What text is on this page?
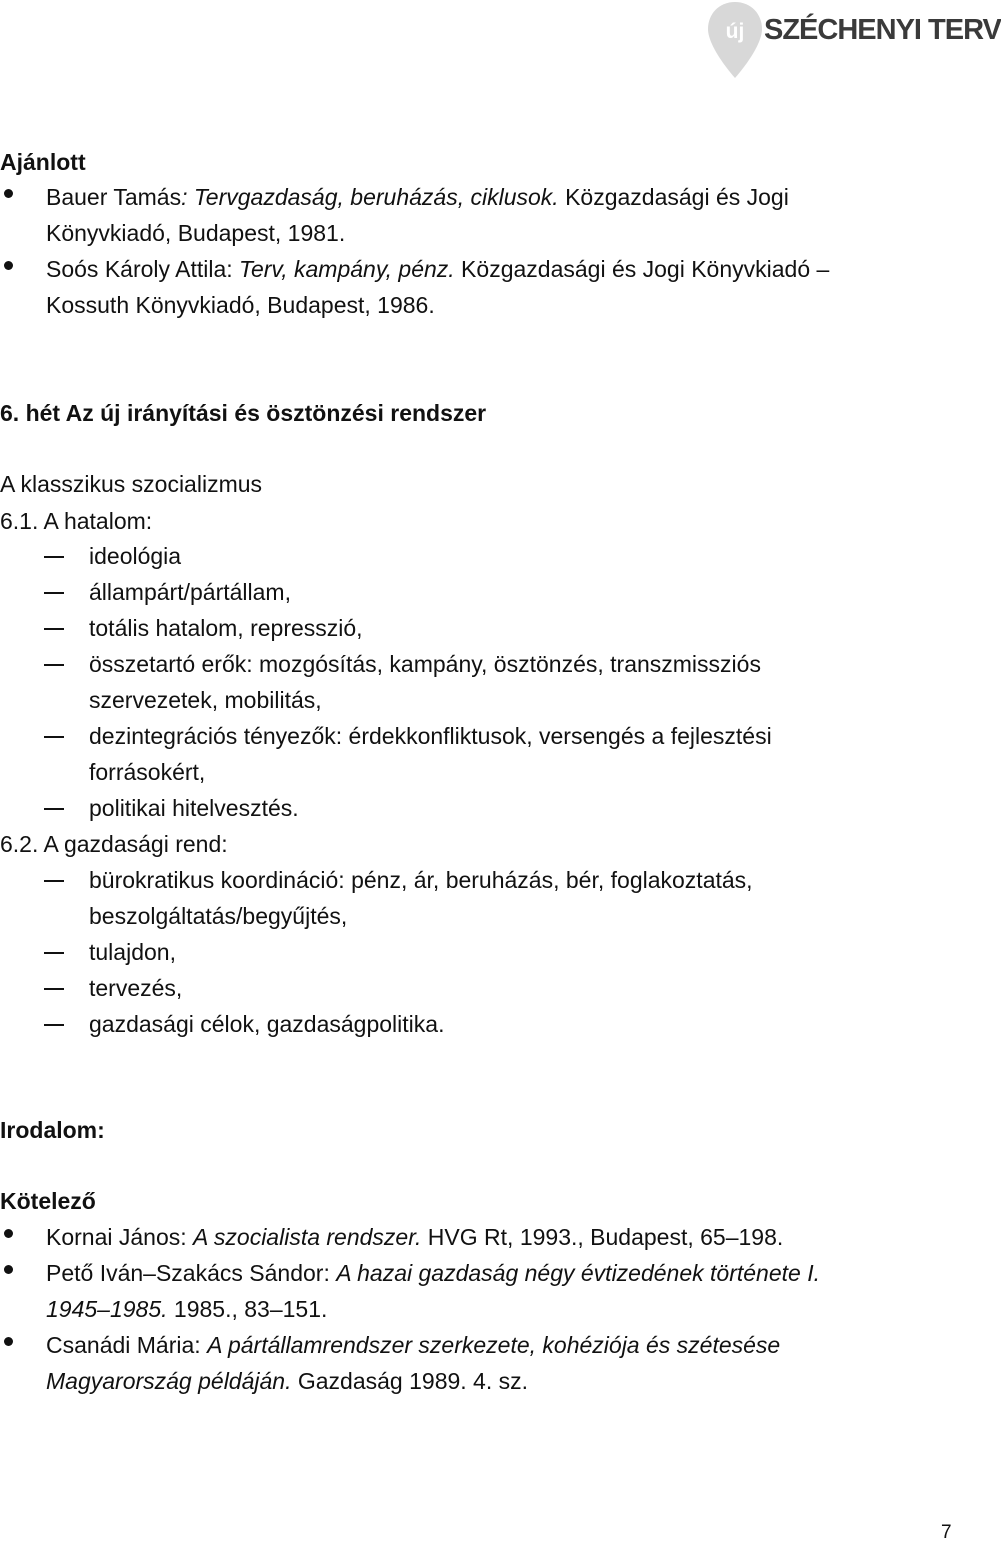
új SZÉCHENYI TERV
Ajánlott
Bauer Tamás: Tervgazdaság, beruházás, ciklusok. Közgazdasági és Jogi
Könyvkiadó, Budapest, 1981.
Soós Károly Attila: Terv, kampány, pénz. Közgazdasági és Jogi Könyvkiadó –
Kossuth Könyvkiadó, Budapest, 1986.
6. hét Az új irányítási és ösztönzési rendszer
A klasszikus szocializmus
6.1. A hatalom:
ideológia
állampárt/pártállam,
totális hatalom, represszió,
összetartó erők: mozgósítás, kampány, ösztönzés, transzmissziós
szervezetek, mobilitás,
dezintegrációs tényezők: érdekkonfliktusok, versengés a fejlesztési
forrásokért,
politikai hitelvesztés.
6.2. A gazdasági rend:
bürokratikus koordináció: pénz, ár, beruházás, bér, foglakoztatás,
beszolgáltatás/begyűjtés,
tulajdon,
tervezés,
gazdasági célok, gazdaságpolitika.
Irodalom:
Kötelező
Kornai János: A szocialista rendszer. HVG Rt, 1993., Budapest, 65–198.
Pető Iván–Szakács Sándor: A hazai gazdaság négy évtizedének története I.
1945–1985. 1985., 83–151.
Csanádi Mária: A pártállamrendszer szerkezete, kohéziója és szétesése
Magyarország példáján. Gazdaság 1989. 4. sz.
7
